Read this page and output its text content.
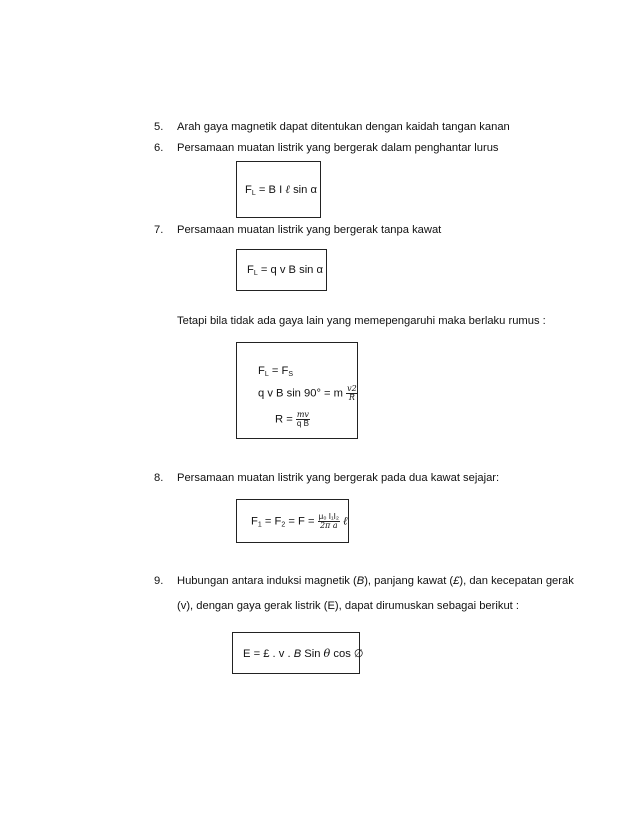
5. Arah gaya magnetik dapat ditentukan dengan kaidah tangan kanan
6. Persamaan muatan listrik yang bergerak dalam penghantar lurus
$F_L = B$ I ℓ sin α
7. Persamaan muatan listrik yang bergerak tanpa kawat
$F_L = q$ v B sin α
Tetapi bila tidak ada gaya lain yang memepengaruhi maka berlaku rumus :
$F_L = F_S$
q v B sin 90° = m $\frac{v2}{R}$
$R = \frac{mv}{\text{q B}}$
8. Persamaan muatan listrik yang bergerak pada dua kawat sejajar:
$F_1 = F_2 = F = \frac{\text{μ₀ I₁I₂}}{\text{2π a}}$ ℓ
9. Hubungan antara induksi magnetik (B), panjang kawat (£), dan kecepatan gerak
(v), dengan gaya gerak listrik (E), dapat dirumuskan sebagai berikut :
E = £ . v . B Sin θ cos ∅
